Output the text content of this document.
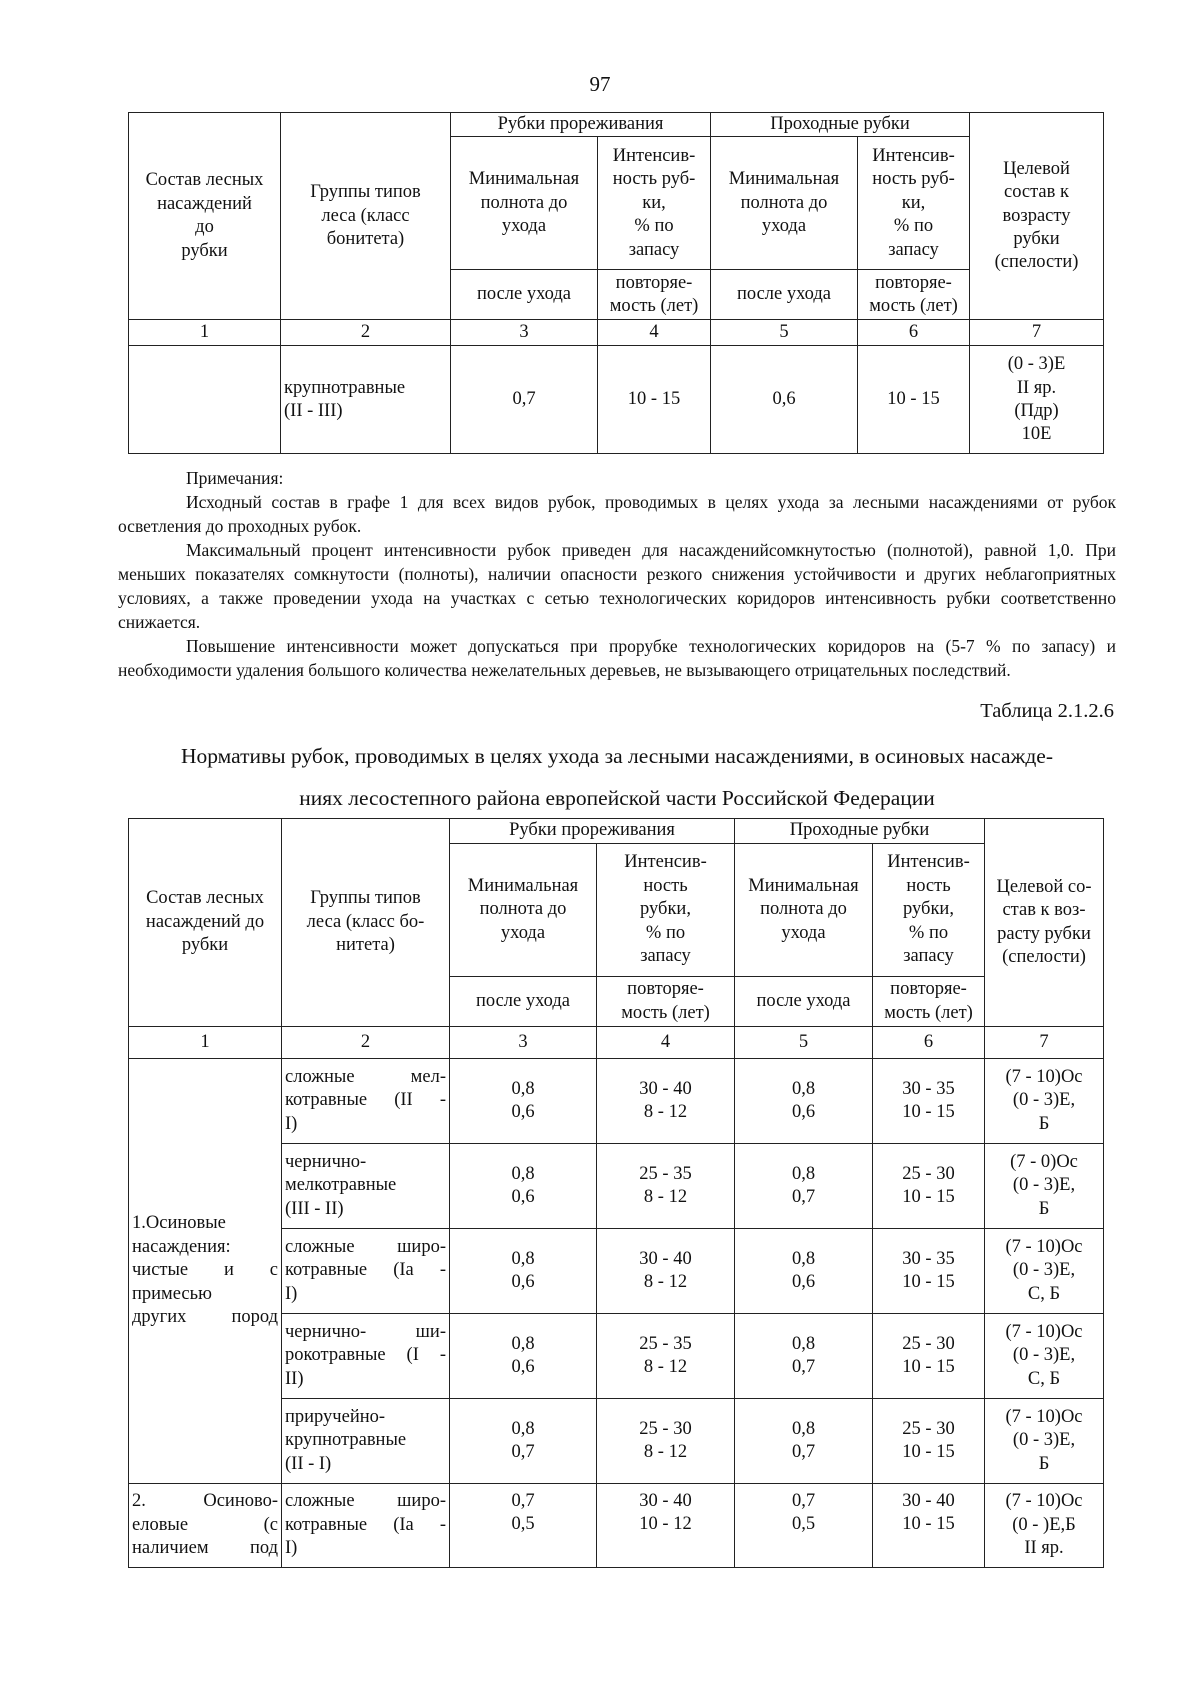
97
Состав лесных
насаждений
до
рубки	Группы типов
леса (класс
бонитета)	Рубки прореживания		Проходные рубки		Целевой
состав к
возрасту
рубки
(спелости)

		Минимальная
полнота до
ухода	Интенсив-
ность руб-
ки,
% по
запасу	Минимальная
полнота до
ухода	Интенсив-
ность руб-
ки,
% по
запасу	

		после ухода	повторяе-
мость (лет)	после ухода	повторяе-
мость (лет)	

1	2	3	4	5	6	7

	крупнотравные
(II - III)	0,7	10 - 15	0,6	10 - 15	(0 - 3)Е
II яр.
(Пдр)
10Е

Примечания:

Исходный состав в графе 1 для всех видов рубок, проводимых в целях ухода за лесными насаждениями от рубок осветления до проходных рубок.

Максимальный процент интенсивности рубок приведен для насажденийсомкнутостью (полнотой), равной 1,0. При меньших показателях сомкнутости (полноты), наличии опасности резкого снижения устойчивости и других неблагоприятных условиях, а также проведении ухода на участках с сетью технологических коридоров интенсивность рубки соответственно снижается.

Повышение интенсивности может допускаться при прорубке технологических коридоров на (5-7 % по запасу) и необходимости удаления большого количества нежелательных деревьев, не вызывающего отрицательных последствий.

Таблица 2.1.2.6
Нормативы рубок, проводимых в целях ухода за лесными насаждениями, в осиновых насажде-
ниях лесостепного района европейской части Российской Федерации
Состав лесных
насаждений до
рубки	Группы типов
леса (класс бо-
нитета)	Рубки прореживания		Проходные рубки		Целевой со-
став к воз-
расту рубки
(спелости)

		Минимальная
полнота до
ухода	Интенсив-
ность
рубки,
% по
запасу	Минимальная
полнота до
ухода	Интенсив-
ность
рубки,
% по
запасу	

		после ухода	повторяе-
мость (лет)	после ухода	повторяе-
мость (лет)	

1	2	3	4	5	6	7

1.Осиновые
насаждения:
чистые и с
примесью
других пород	сложные мел-
котравные (II -
I)	0,8
0,6	30 - 40
8 - 12	0,8
0,6	30 - 35
10 - 15	(7 - 10)Ос
(0 - 3)Е,
Б

	чернично-
мелкотравные
(III - II)	0,8
0,6	25 - 35
8 - 12	0,8
0,7	25 - 30
10 - 15	(7 - 0)Ос
(0 - 3)Е,
Б

	сложные широ-
котравные (Ia -
I)	0,8
0,6	30 - 40
8 - 12	0,8
0,6	30 - 35
10 - 15	(7 - 10)Ос
(0 - 3)Е,
С, Б

	чернично- ши-
рокотравные (I -
II)	0,8
0,6	25 - 35
8 - 12	0,8
0,7	25 - 30
10 - 15	(7 - 10)Ос
(0 - 3)Е,
С, Б

	приручейно-
крупнотравные
(II - I)	0,8
0,7	25 - 30
8 - 12	0,8
0,7	25 - 30
10 - 15	(7 - 10)Ос
(0 - 3)Е,
Б

2. Осиново-
еловые (с
наличием под	сложные широ-
котравные (Ia -
I)	0,7
0,5	30 - 40
10 - 12	0,7
0,5	30 - 40
10 - 15	(7 - 10)Ос
(0 - )Е,Б
II яр.
